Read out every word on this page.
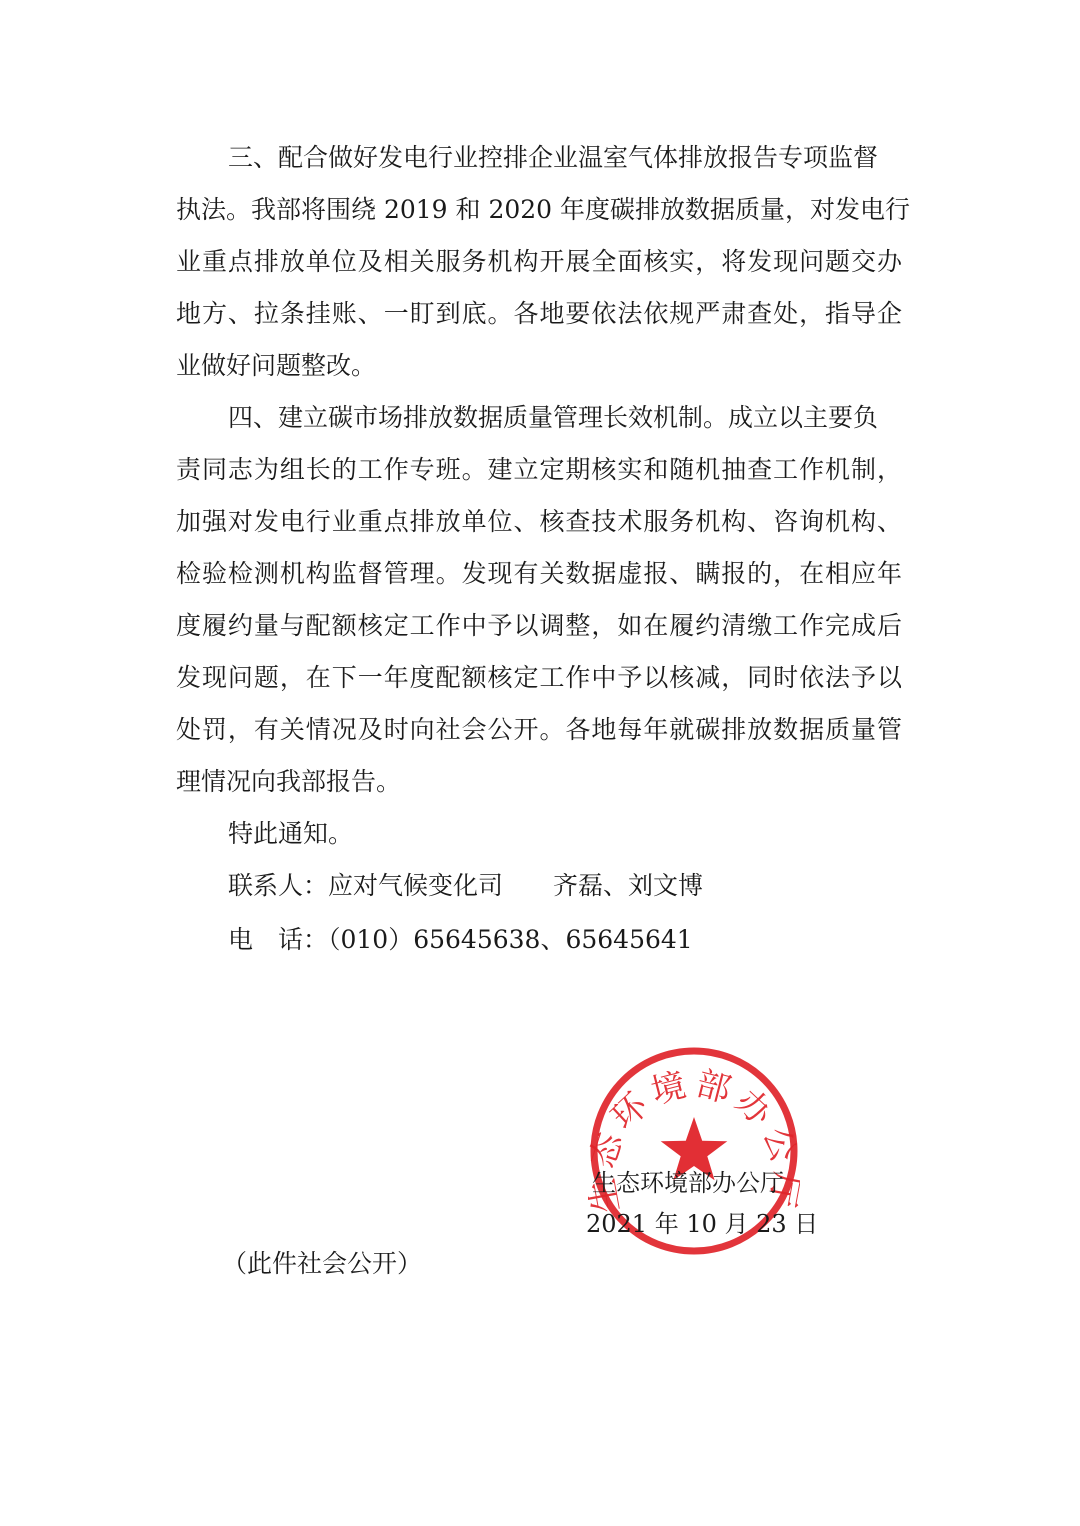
三、配合做好发电行业控排企业温室气体排放报告专项监督
执法。我部将围绕 2019 和 2020 年度碳排放数据质量，对发电行
业重点排放单位及相关服务机构开展全面核实，将发现问题交办
地方、拉条挂账、一盯到底。各地要依法依规严肃查处，指导企
业做好问题整改。
四、建立碳市场排放数据质量管理长效机制。成立以主要负
责同志为组长的工作专班。建立定期核实和随机抽查工作机制，
加强对发电行业重点排放单位、核查技术服务机构、咨询机构、
检验检测机构监督管理。发现有关数据虚报、瞒报的，在相应年
度履约量与配额核定工作中予以调整，如在履约清缴工作完成后
发现问题，在下一年度配额核定工作中予以核减，同时依法予以
处罚，有关情况及时向社会公开。各地每年就碳排放数据质量管
理情况向我部报告。
特此通知。
联系人：应对气候变化司　　齐磊、刘文博
电　话：（010）65645638、65645641
环境部办
生态环境部办公厅
2021 年 10 月 23 日
（此件社会公开）
